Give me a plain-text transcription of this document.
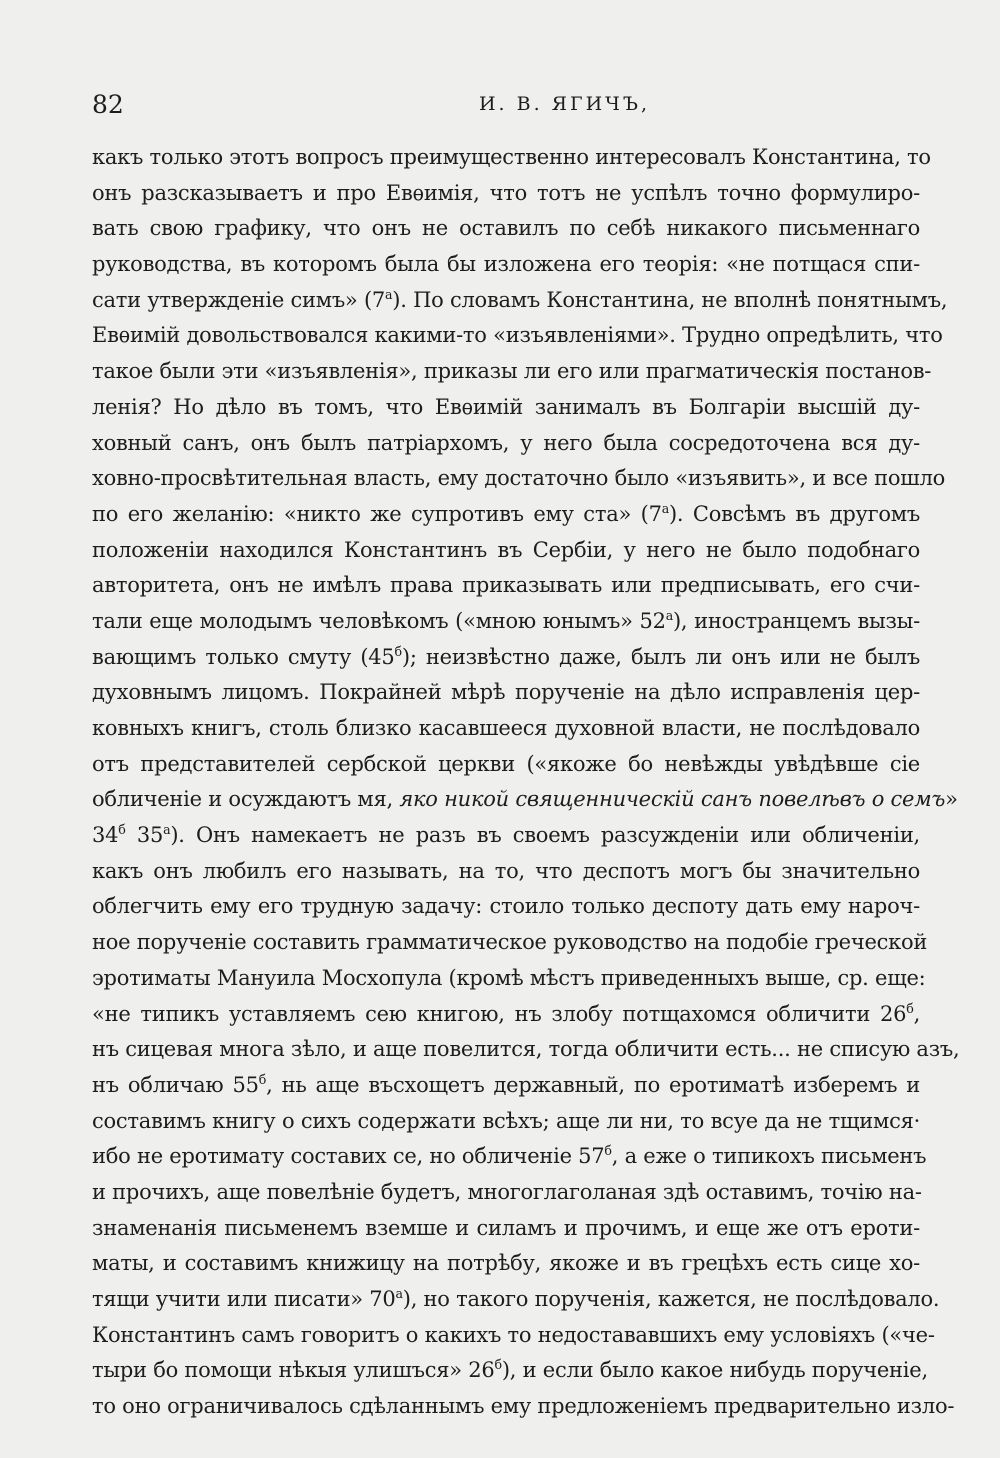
82	И. В. ЯГИЧЪ,
какъ только этотъ вопросъ преимущественно интересовалъ Константина, то
онъ разсказываетъ и про Евѳимія, что тотъ не успѣлъ точно формулиро-
вать свою графику, что онъ не оставилъ по себѣ никакого письменнаго
руководства, въ которомъ была бы изложена его теорія: «не потщася спи-
сати утвержденіе симъ» $(7^а)$. По словамъ Константина, не вполнѣ понятнымъ,
Евѳимій довольствовался какими-то «изъявленіями». Трудно опредѣлить, что
такое были эти «изъявленія», приказы ли его или прагматическія постанов-
ленія? Но дѣло въ томъ, что Евѳимій занималъ въ Болгаріи высшій ду-
ховный санъ, онъ былъ патріархомъ, у него была сосредоточена вся ду-
ховно-просвѣтительная власть, ему достаточно было «изъявить», и все пошло
по его желанію: «никто же супротивъ ему ста» $(7^а)$. Совсѣмъ въ другомъ
положеніи находился Константинъ въ Сербіи, у него не было подобнаго
авторитета, онъ не имѣлъ права приказывать или предписывать, его счи-
тали еще молодымъ человѣкомъ («мною юнымъ» $52^а$), иностранцемъ вызы-
вающимъ только смуту $(45^б)$; неизвѣстно даже, былъ ли онъ или не былъ
духовнымъ лицомъ. Покрайней мѣрѣ порученіе на дѣло исправленія цер-
ковныхъ книгъ, столь близко касавшееся духовной власти, не послѣдовало
отъ представителей сербской церкви («якоже бо невѣжды увѣдѣвше сіе
обличеніе и осуждаютъ мя, яко никой священническій санъ повелѣвъ о семъ»
$34^б$ $35^а$). Онъ намекаетъ не разъ въ своемъ разсужденіи или обличеніи,
какъ онъ любилъ его называть, на то, что деспотъ могъ бы значительно
облегчить ему его трудную задачу: стоило только деспоту дать ему нароч-
ное порученіе составить грамматическое руководство на подобіе греческой
эротиматы Мануила Мосхопула (кромѣ мѣстъ приведенныхъ выше, ср. еще:
«не типикъ уставляемъ сею книгою, нъ злобу потщахомся обличити $26^б$,
нъ сицевая многа зѣло, и аще повелится, тогда обличити есть... не списую азъ,
нъ обличаю $55^б$, нь аще въсхощетъ державный, по еротиматѣ изберемъ и
составимъ книгу о сихъ содержати всѣхъ; аще ли ни, то всуе да не тщимся·
ибо не еротимату составих се, но обличеніе $57^б$, а еже о типикохъ письменъ
и прочихъ, аще повелѣніе будетъ, многоглаголаная здѣ оставимъ, точію на-
знаменанія письменемъ вземше и силамъ и прочимъ, и еще же отъ ероти-
маты, и составимъ книжицу на потрѣбу, якоже и въ грецѣхъ есть сице хо-
тящи учити или писати» $70^а$), но такого порученія, кажется, не послѣдовало.
Константинъ самъ говоритъ о какихъ то недостававшихъ ему условіяхъ («че-
тыри бо помощи нѣкыя улишъся» $26^б$), и если было какое нибудь порученіе,
то оно ограничивалось сдѣланнымъ ему предложеніемъ предварительно изло-
